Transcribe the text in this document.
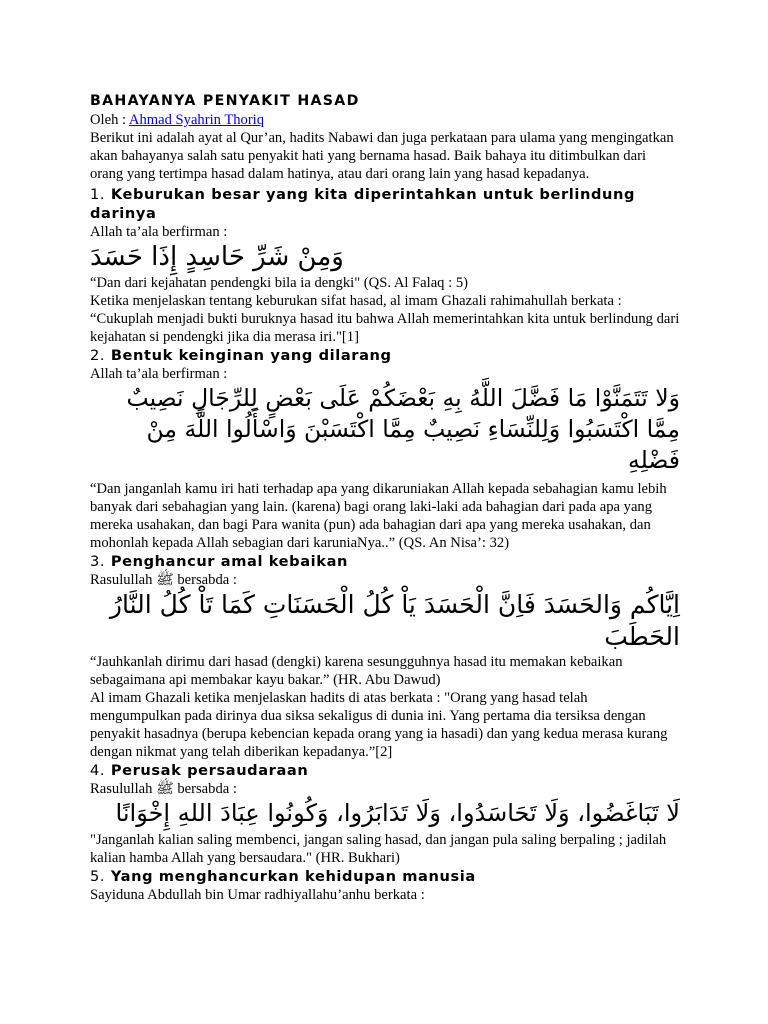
BAHAYANYA PENYAKIT HASAD

Oleh : Ahmad Syahrin Thoriq

Berikut ini adalah ayat al Qur’an, hadits Nabawi dan juga perkataan para ulama yang mengingatkan akan bahayanya salah satu penyakit hati yang bernama hasad. Baik bahaya itu ditimbulkan dari orang yang tertimpa hasad dalam hatinya, atau dari orang lain yang hasad kepadanya.

1. Keburukan besar yang kita diperintahkan untuk berlindung darinya

Allah ta’ala berfirman :

وَمِنْ شَرِّ حَاسِدٍ إِذَا حَسَدَ

“Dan dari kejahatan pendengki bila ia dengki" (QS. Al Falaq : 5)

Ketika menjelaskan tentang keburukan sifat hasad, al imam Ghazali rahimahullah berkata :

“Cukuplah menjadi bukti buruknya hasad itu bahwa Allah memerintahkan kita untuk berlindung dari kejahatan si pendengki jika dia merasa iri."[1]

2. Bentuk keinginan yang dilarang

Allah ta’ala berfirman :

وَلا تَتَمَنَّوْا مَا فَضَّلَ اللَّهُ بِهِ بَعْضَكُمْ عَلَى بَعْضٍ لِلرِّجَالِ نَصِيبٌ مِمَّا اكْتَسَبُوا وَلِلنِّسَاءِ نَصِيبٌ مِمَّا اكْتَسَبْنَ وَاسْأَلُوا اللَّهَ مِنْ فَضْلِهِ

“Dan janganlah kamu iri hati terhadap apa yang dikaruniakan Allah kepada sebahagian kamu lebih banyak dari sebahagian yang lain. (karena) bagi orang laki-laki ada bahagian dari pada apa yang mereka usahakan, dan bagi Para wanita (pun) ada bahagian dari apa yang mereka usahakan, dan mohonlah kepada Allah sebagian dari karuniaNya..” (QS. An Nisa’: 32)

3. Penghancur amal kebaikan

Rasulullah ﷺ bersabda :

اِيَّاكُم وَالحَسَدَ فَاِنَّ الْحَسَدَ يَاْ كُلُ الْحَسَنَاتِ كَمَا تَاْ كُلُ النَّارُ الحَطَبَ

“Jauhkanlah dirimu dari hasad (dengki) karena sesungguhnya hasad itu memakan kebaikan sebagaimana api membakar kayu bakar.” (HR. Abu Dawud)

Al imam Ghazali ketika menjelaskan hadits di atas berkata : "Orang yang hasad telah mengumpulkan pada dirinya dua siksa sekaligus di dunia ini. Yang pertama dia tersiksa dengan penyakit hasadnya (berupa kebencian kepada orang yang ia hasadi) dan yang kedua merasa kurang dengan nikmat yang telah diberikan kepadanya.”[2]

4. Perusak persaudaraan

Rasulullah ﷺ bersabda :

لَا تَبَاغَضُوا، وَلَا تَحَاسَدُوا، وَلَا تَدَابَرُوا، وَكُونُوا عِبَادَ اللهِ إِخْوَانًا

"Janganlah kalian saling membenci, jangan saling hasad, dan jangan pula saling berpaling ; jadilah kalian hamba Allah yang bersaudara." (HR. Bukhari)

5. Yang menghancurkan kehidupan manusia

Sayiduna Abdullah bin Umar radhiyallahu’anhu berkata :
